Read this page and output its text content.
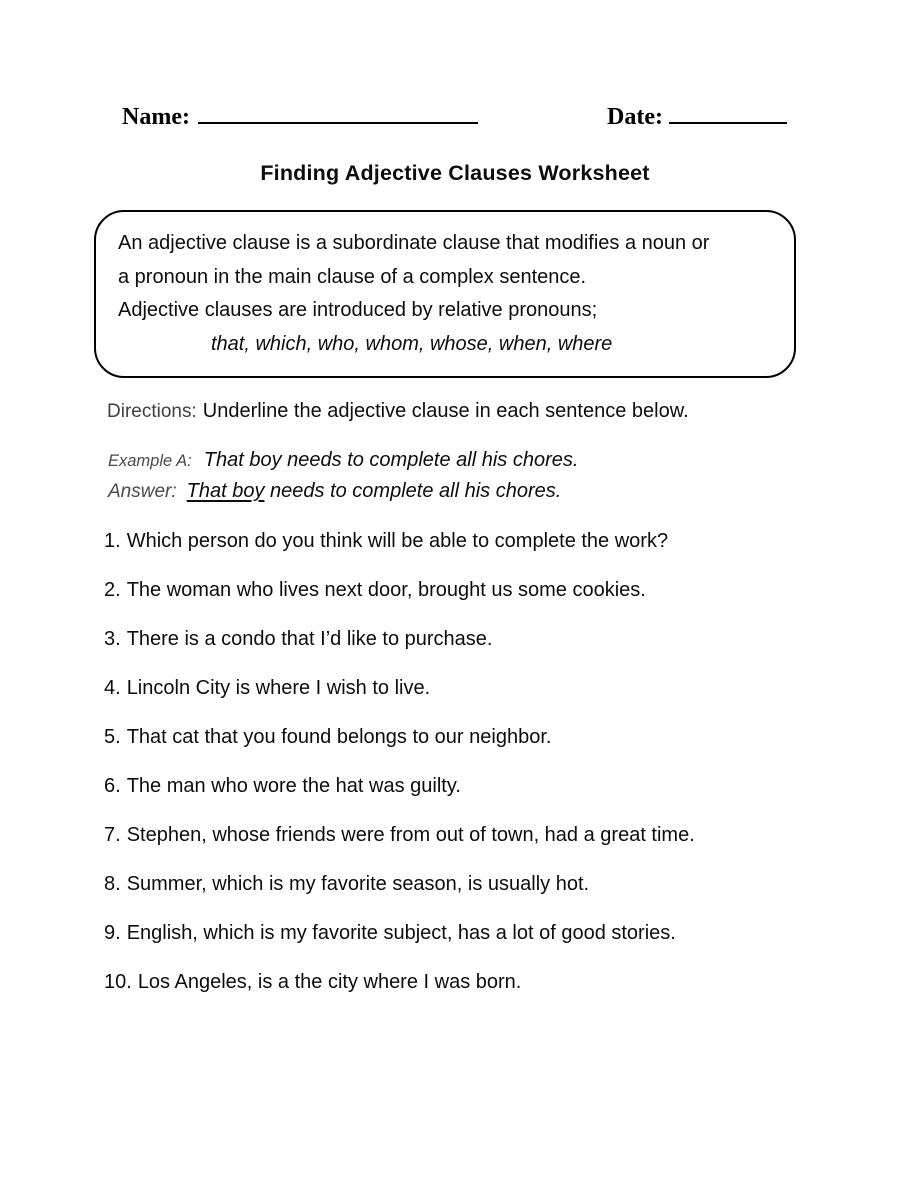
Name:	Date:
Finding Adjective Clauses Worksheet
An adjective clause is a subordinate clause that modifies a noun or
a pronoun in the main clause of a complex sentence.
Adjective clauses are introduced by relative pronouns;
that, which, who, whom, whose, when, where
Directions: Underline the adjective clause in each sentence below.
Example A: That boy needs to complete all his chores.
Answer: That boy needs to complete all his chores.
1. Which person do you think will be able to complete the work?
2. The woman who lives next door, brought us some cookies.
3. There is a condo that I’d like to purchase.
4. Lincoln City is where I wish to live.
5. That cat that you found belongs to our neighbor.
6. The man who wore the hat was guilty.
7. Stephen, whose friends were from out of town, had a great time.
8. Summer, which is my favorite season, is usually hot.
9. English, which is my favorite subject, has a lot of good stories.
10. Los Angeles, is a the city where I was born.
